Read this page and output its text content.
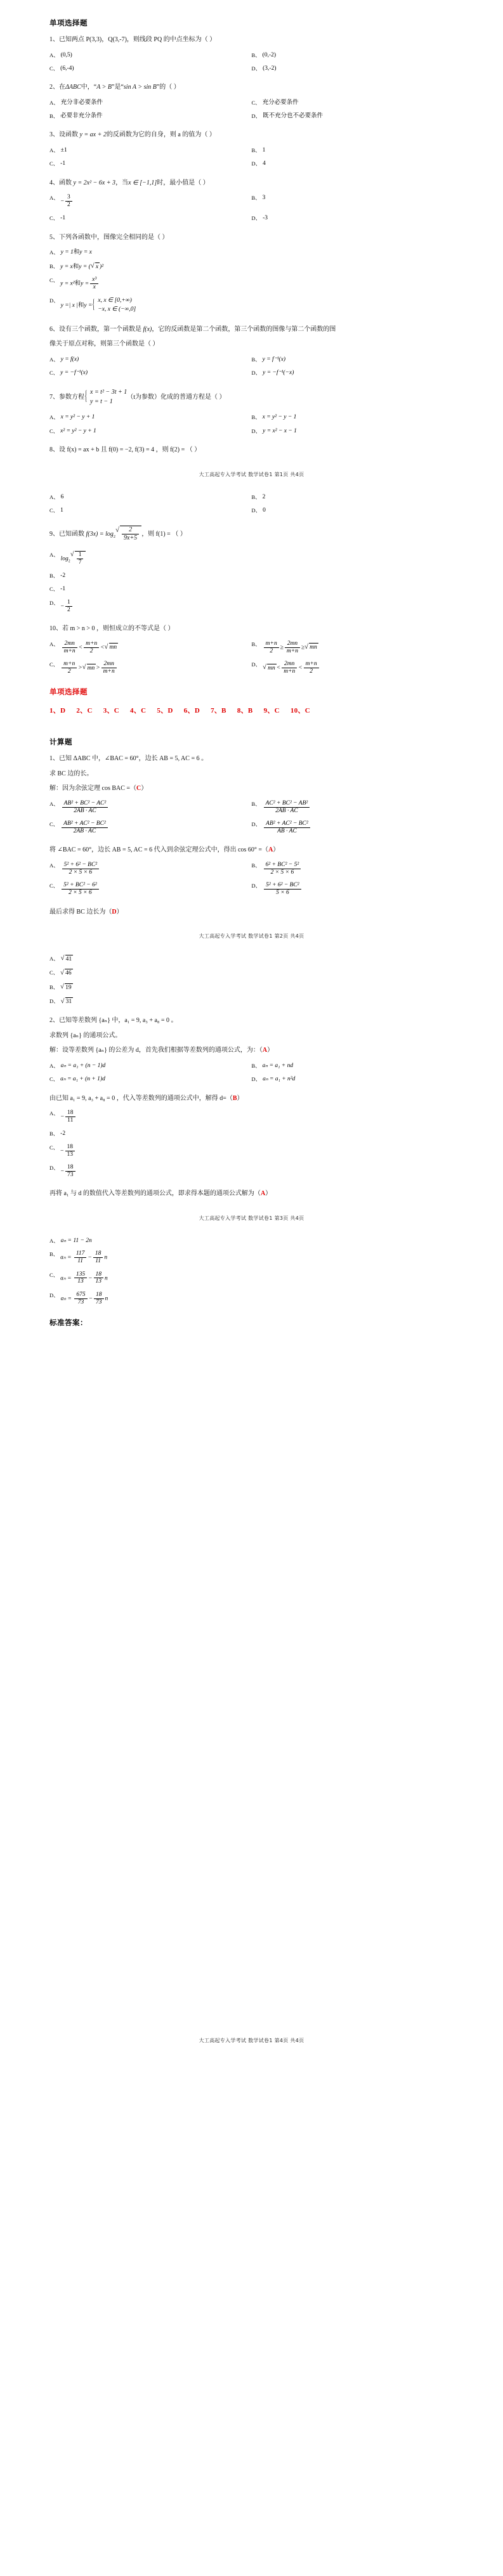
单项选择题
1、已知两点 P(3,3)，Q(3,-7)，则线段 PQ 的中点坐标为（ ）
A、 (0,5)	B、 (0,-2)
C、 (6,-4)	D、 (3,-2)
2、在ΔABC中，“A > B”是“sin A > sin B”的（ ）
A、 充分非必要条件	C、 充分必要条件
B、 必要非充分条件	D、 既不充分也不必要条件
3、设函数 y = ax + 2的反函数为它的自身，则 a 的值为（ ）
A、 ±1	B、 1
C、 -1	D、 4
4、函数 y = 2x² − 6x + 3，当x ∈ [−1,1]时，最小值是（ ）
A、
− $\frac{3}{2}$	B、 3
C、 -1	D、 -3
5、下列各函数中，图像完全相同的是（ ）
A、 y = 1和y = x
B、 y = x和y = ( √ x )²
C、
y = x²和$y = \frac{\text{x³}}{x}$
D、
y =| x |和y =
{ x, x ∈ [0,+∞)
−x, x ∈ (−∞,0]
6、设有三个函数，第一个函数是 f(x)，它的反函数是第二个函数，第三个函数的图像与第二个函数的图
像关于原点对称，则第三个函数是（ ）
A、 y = f(x)	B、 y = f⁻¹(x)
C、 y = −f⁻¹(x)	D、 y = −f⁻¹(−x)
7、参数方程
{ x = t² − 3t + 1
y = t − 1
（t为参数）化成的普通方程是（ ）
A、 x = y² − y + 1	B、 x = y² − y − 1
C、 x² = y² − y + 1	D、 y = x² − x − 1
8、设 f(x) = ax + b 且 f(0) = −2, f(3) = 4 ，则 f(2) = （ ）
大工高起专入学考试 数学试卷1 第1页 共4页
A、 6	B、 2
C、 1	D、 0
9、已知函数 $f(3x) = \log_2$ √ $\frac{2}{9x+5}$ ，则 f(1) = （ ）
A、
$\log_2$ √ $\frac{1}{7}$
B、 -2
C、 -1
D、
− $\frac{1}{2}$
10、若 m > n > 0 ，则恒成立的不等式是（ ）
A、 $\frac{2mn}{m+n} < \frac{m+n}{2}$ < √ mn
B、 $\frac{m+n}{2} \ge \frac{2mn}{m+n}$ ≥ √ mn
C、 $\frac{m+n}{2}$ > √ mn > $\frac{2mn}{m+n}$	D、
√ mn < $\frac{2mn}{m+n} < \frac{m+n}{2}$
单项选择题
1、D 2、C 3、C 4、C 5、D 6、D 7、B 8、B 9、C 10、C
计算题
1、已知 ΔABC 中，∠BAC = 60°，边长 AB = 5, AC = 6 。
求 BC 边的长。
解：因为余弦定理 cos BAC =（C）
A、 $\frac{\text{AB² + BC² − AC²}}{2AB \cdot AC}$	B、 $\frac{\text{AC² + BC² − AB²}}{2AB \cdot AC}$
C、 $\frac{\text{AB² + AC² − BC²}}{2AB \cdot AC}$	D、 $\frac{\text{AB² + AC² − BC²}}{AB \cdot AC}$
将 ∠BAC = 60°，边长 AB = 5, AC = 6 代入到余弦定理公式中，得出 cos 60° =（A）
A、 $\frac{\text{5² + 6² − BC²}}{2 \times 5 \times 6}$	B、 $\frac{\text{6² + BC² − 5²}}{2 \times 5 \times 6}$
C、 $\frac{\text{5² + BC² − 6²}}{2 \times 5 \times 6}$	D、 $\frac{\text{5² + 6² − BC²}}{5 \times 6}$
最后求得 BC 边长为（D）
大工高起专入学考试 数学试卷1 第2页 共4页
A、	√ 41
C、	√ 46
B、	√ 19
D、	√ 31
2、已知等差数列 {aₙ} 中，a₁ = 9, a₃ + a₈ = 0 。
求数列 {aₙ} 的通项公式。
解：设等差数列 {aₙ} 的公差为 d，首先我们根据等差数列的通项公式，为：（A）
A、 aₙ = a₁ + (n − 1)d	B、 aₙ = a₁ + nd
C、 aₙ = a₁ + (n + 1)d	D、 aₙ = a₁ + n²d
由已知 a₁ = 9, a₃ + a₈ = 0 ，代入等差数列的通项公式中，解得 d=（B）
A、
− $\frac{18}{11}$
B、 -2
C、
− $\frac{18}{13}$
D、
− $\frac{18}{73}$
再将 a₁ 与 d 的数值代入等差数列的通项公式，即求得本题的通项公式解为（A）
大工高起专入学考试 数学试卷1 第3页 共4页
A、 aₙ = 11 − 2n
B、
$a_n = \frac{117}{11} - \frac{18}{11}$ n
C、
$a_n = \frac{135}{13} - \frac{18}{13}$ n
D、
$a_n = \frac{675}{73} - \frac{18}{73}$ n
标准答案：
大工高起专入学考试 数学试卷1 第4页 共4页
